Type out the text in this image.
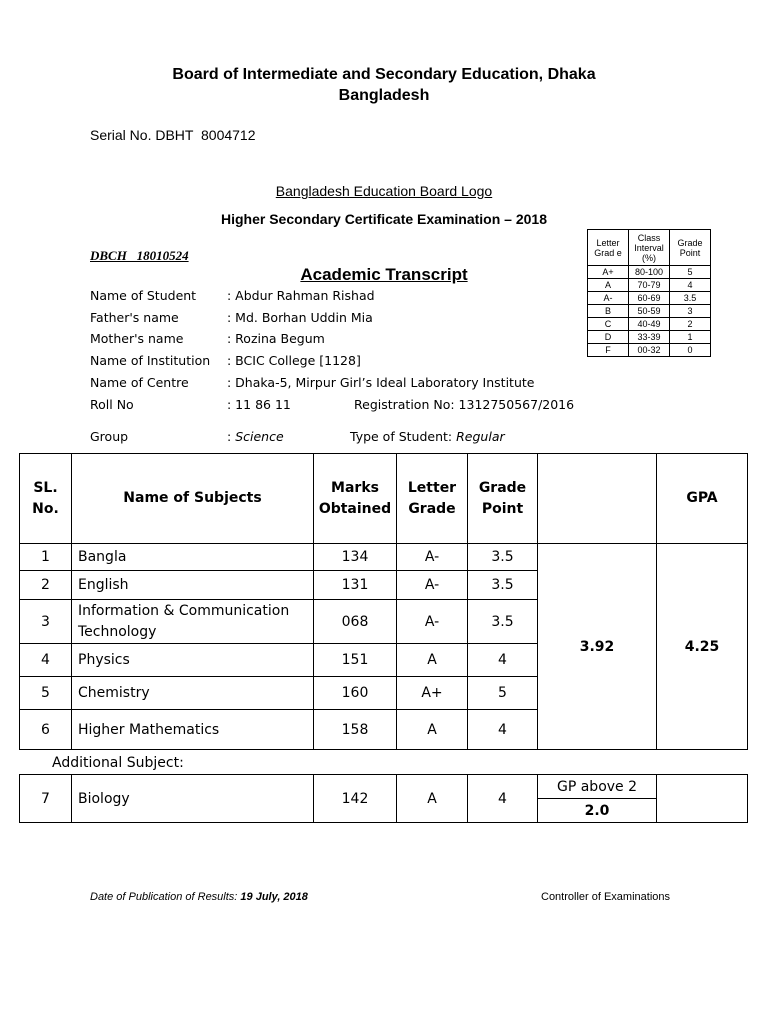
Board of Intermediate and Secondary Education, Dhaka
Bangladesh
Serial No. DBHT  8004712
Bangladesh Education Board Logo
Higher Secondary Certificate Examination – 2018
DBCH   18010524
Academic Transcript
Name of Student : Abdur Rahman Rishad
Father's name	: Md. Borhan Uddin Mia
Mother's name	: Rozina Begum
Name of Institution : BCIC College [1128]
Name of Centre	: Dhaka-5, Mirpur Girl’s Ideal Laboratory Institute
Roll No	: 11 86 11	Registration No: 1312750567/2016
Group	: Science	Type of Student: Regular
Letter Grad e	Class Interval (%)	Grade Point
A+	80-100	5
A	70-79	4
A-	60-69	3.5
B	50-59	3
C	40-49	2
D	33-39	1
F	00-32	0
SL. No.	Name of Subjects	Marks Obtained	Letter Grade	Grade Point		GPA
1	Bangla	134	A-	3.5	3.92	4.25
2	English	131	A-	3.5		
3	Information & Communication Technology	068	A-	3.5		
4	Physics	151	A	4		
5	Chemistry	160	A+	5		
6	Higher Mathematics	158	A	4		
Additional Subject:
7	Biology	142	A	4	GP above 2	
2.0
Date of Publication of Results: 19 July, 2018	Controller of Examinations
